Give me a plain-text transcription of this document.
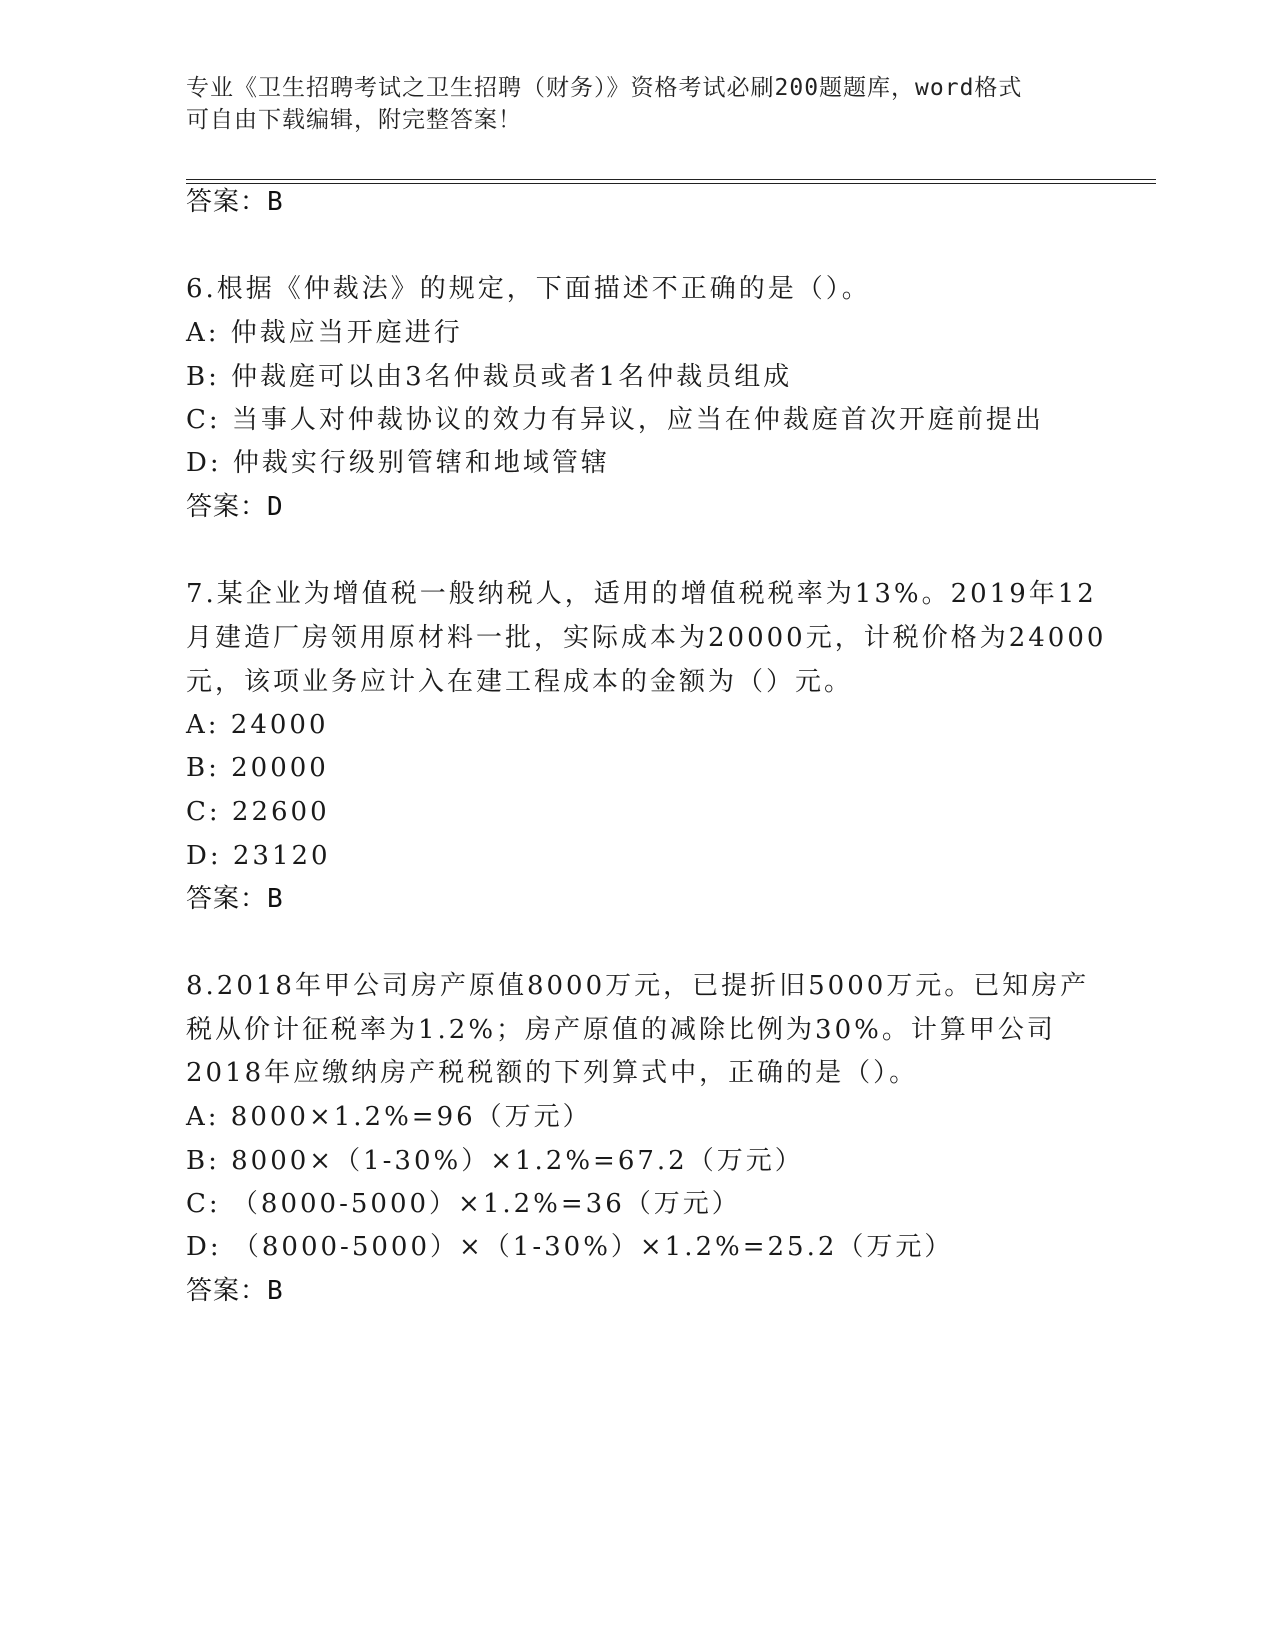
专业《卫生招聘考试之卫生招聘（财务）》资格考试必刷200题题库，word格式
可自由下载编辑，附完整答案！
答案：B
6.根据《仲裁法》的规定，下面描述不正确的是（）。
A: 仲裁应当开庭进行
B: 仲裁庭可以由3名仲裁员或者1名仲裁员组成
C: 当事人对仲裁协议的效力有异议，应当在仲裁庭首次开庭前提出
D: 仲裁实行级别管辖和地域管辖
答案：D
7.某企业为增值税一般纳税人，适用的增值税税率为13%。2019年12
月建造厂房领用原材料一批，实际成本为20000元，计税价格为24000
元，该项业务应计入在建工程成本的金额为（）元。
A: 24000
B: 20000
C: 22600
D: 23120
答案：B
8.2018年甲公司房产原值8000万元，已提折旧5000万元。已知房产
税从价计征税率为1.2%；房产原值的减除比例为30%。计算甲公司
2018年应缴纳房产税税额的下列算式中，正确的是（）。
A: 8000×1.2%=96（万元）
B: 8000×（1-30%）×1.2%=67.2（万元）
C: （8000-5000）×1.2%=36（万元）
D: （8000-5000）×（1-30%）×1.2%=25.2（万元）
答案：B
